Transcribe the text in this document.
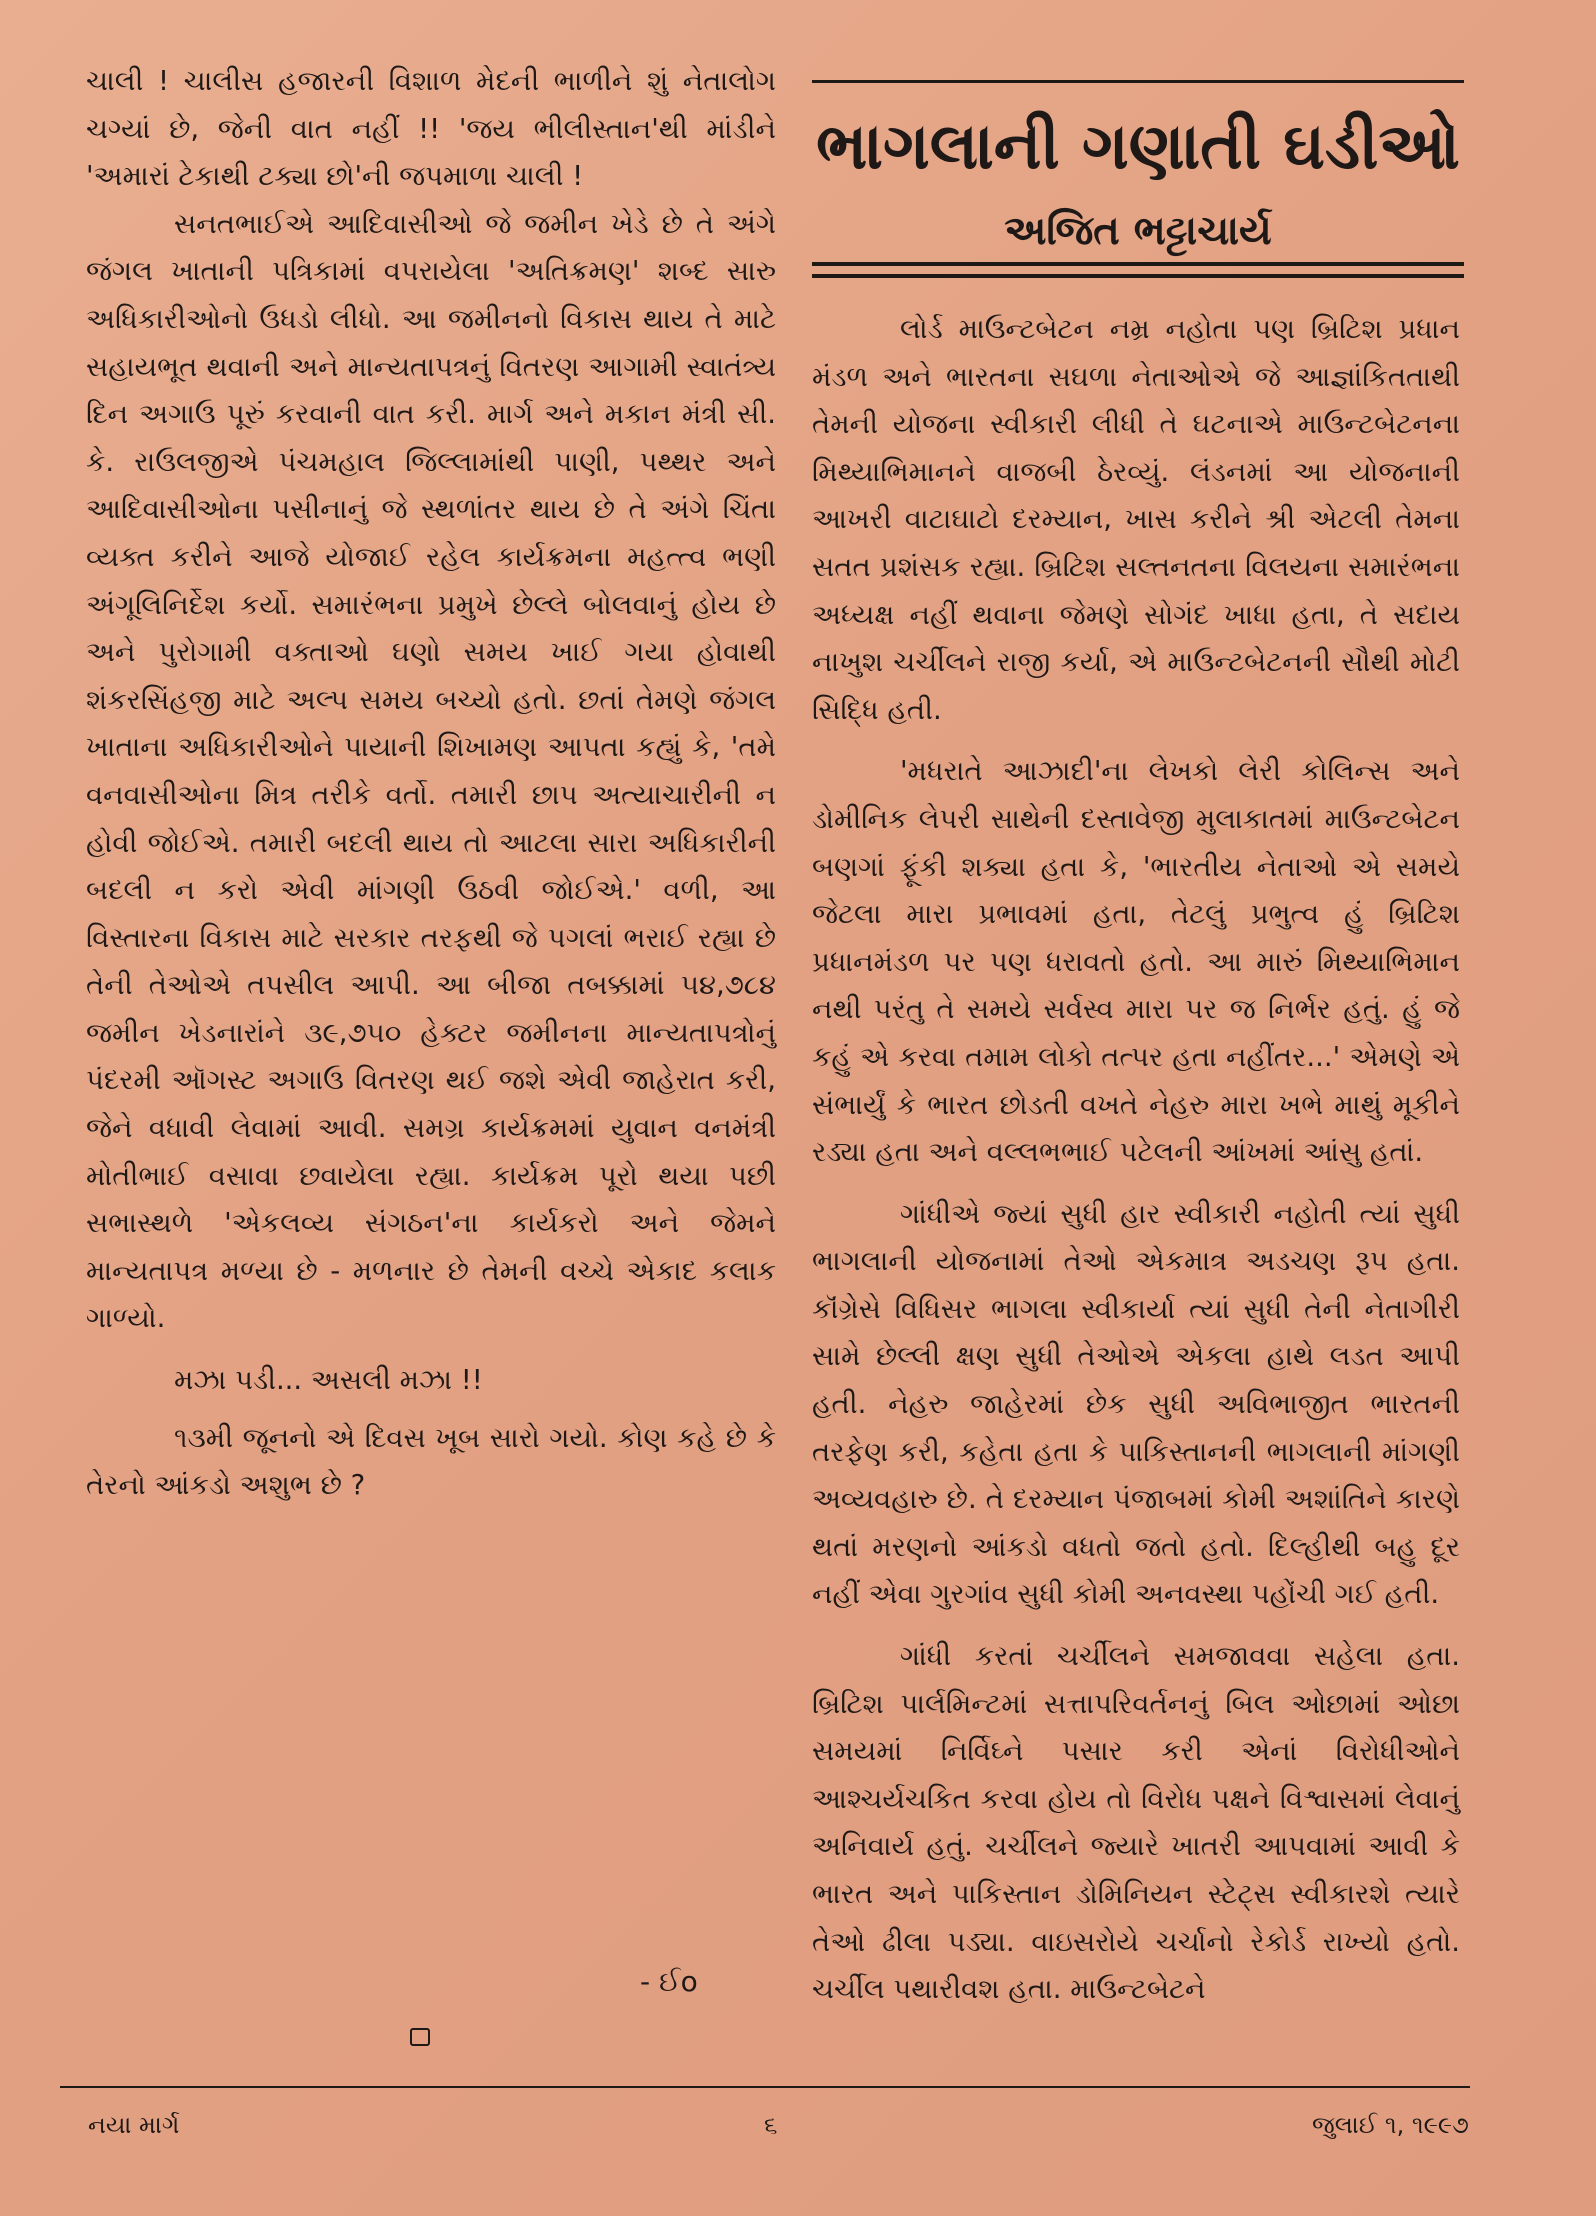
ચાલી ! ચાલીસ હજારની વિશાળ મેદની ભાળીને શું નેતાલોગ ચગ્યાં છે, જેની વાત નહીં !! 'જય ભીલીસ્તાન'થી માંડીને 'અમારાં ટેકાથી ટક્યા છો'ની જપમાળા ચાલી !

સનતભાઈએ આદિવાસીઓ જે જમીન ખેડે છે તે અંગે જંગલ ખાતાની પત્રિકામાં વપરાયેલા 'અતિક્રમણ' શબ્દ સારુ અધિકારીઓનો ઉધડો લીધો. આ જમીનનો વિકાસ થાય તે માટે સહાયભૂત થવાની અને માન્યતાપત્રનું વિતરણ આગામી સ્વાતંત્ર્ય દિન અગાઉ પૂરું કરવાની વાત કરી. માર્ગ અને મકાન મંત્રી સી. કે. રાઉલજીએ પંચમહાલ જિલ્લામાંથી પાણી, પથ્થર અને આદિવાસીઓના પસીનાનું જે સ્થળાંતર થાય છે તે અંગે ચિંતા વ્યક્ત કરીને આજે યોજાઈ રહેલ કાર્યક્રમના મહત્ત્વ ભણી અંગૂલિનિર્દેશ કર્યો. સમારંભના પ્રમુખે છેલ્લે બોલવાનું હોય છે અને પુરોગામી વક્તાઓ ઘણો સમય ખાઈ ગયા હોવાથી શંકરસિંહજી માટે અલ્પ સમય બચ્યો હતો. છતાં તેમણે જંગલ ખાતાના અધિકારીઓને પાયાની શિખામણ આપતા કહ્યું કે, 'તમે વનવાસીઓના મિત્ર તરીકે વર્તો. તમારી છાપ અત્યાચારીની ન હોવી જોઈએ. તમારી બદલી થાય તો આટલા સારા અધિકારીની બદલી ન કરો એવી માંગણી ઉઠવી જોઈએ.' વળી, આ વિસ્તારના વિકાસ માટે સરકાર તરફથી જે પગલાં ભરાઈ રહ્યા છે તેની તેઓએ તપસીલ આપી. આ બીજા તબક્કામાં ૫૪,૭૮૪ જમીન ખેડનારાંને ૩૯,૭૫૦ હેક્ટર જમીનના માન્યતાપત્રોનું પંદરમી ઑગસ્ટ અગાઉ વિતરણ થઈ જશે એવી જાહેરાત કરી, જેને વધાવી લેવામાં આવી. સમગ્ર કાર્યક્રમમાં યુવાન વનમંત્રી મોતીભાઈ વસાવા છવાયેલા રહ્યા. કાર્યક્રમ પૂરો થયા પછી સભાસ્થળે 'એકલવ્ય સંગઠન'ના કાર્યકરો અને જેમને માન્યતાપત્ર મળ્યા છે - મળનાર છે તેમની વચ્ચે એકાદ કલાક ગાળ્યો.

મઝા પડી... અસલી મઝા !!

૧૩મી જૂનનો એ દિવસ ખૂબ સારો ગયો. કોણ કહે છે કે તેરનો આંકડો અશુભ છે ?

- ઈo
ભાગલાની ગણાતી ઘડીઓ
અજિત ભટ્ટાચાર્ય

લોર્ડ માઉન્ટબેટન નમ્ર નહોતા પણ બ્રિટિશ પ્રધાન મંડળ અને ભારતના સઘળા નેતાઓએ જે આજ્ઞાંકિતતાથી તેમની યોજના સ્વીકારી લીધી તે ઘટનાએ માઉન્ટબેટનના મિથ્યાભિમાનને વાજબી ઠેરવ્યું. લંડનમાં આ યોજનાની આખરી વાટાઘાટો દરમ્યાન, ખાસ કરીને શ્રી એટલી તેમના સતત પ્રશંસક રહ્યા. બ્રિટિશ સલ્તનતના વિલયના સમારંભના અધ્યક્ષ નહીં થવાના જેમણે સોગંદ ખાધા હતા, તે સદાય નાખુશ ચર્ચીલને રાજી કર્યા, એ માઉન્ટબેટનની સૌથી મોટી સિદ્ધિ હતી.

'મધરાતે આઝાદી'ના લેખકો લેરી કોલિન્સ અને ડોમીનિક લેપરી સાથેની દસ્તાવેજી મુલાકાતમાં માઉન્ટબેટન બણગાં ફૂંકી શક્યા હતા કે, 'ભારતીય નેતાઓ એ સમયે જેટલા મારા પ્રભાવમાં હતા, તેટલું પ્રભુત્વ હું બ્રિટિશ પ્રધાનમંડળ પર પણ ધરાવતો હતો. આ મારું મિથ્યાભિમાન નથી પરંતુ તે સમયે સર્વસ્વ મારા પર જ નિર્ભર હતું. હું જે કહું એ કરવા તમામ લોકો તત્પર હતા નહીંતર...' એમણે એ સંભાર્યું કે ભારત છોડતી વખતે નેહરુ મારા ખભે માથું મૂકીને રડ્યા હતા અને વલ્લભભાઈ પટેલની આંખમાં આંસુ હતાં.

ગાંધીએ જ્યાં સુધી હાર સ્વીકારી નહોતી ત્યાં સુધી ભાગલાની યોજનામાં તેઓ એકમાત્ર અડચણ રૂપ હતા. કૉંગ્રેસે વિધિસર ભાગલા સ્વીકાર્યા ત્યાં સુધી તેની નેતાગીરી સામે છેલ્લી ક્ષણ સુધી તેઓએ એકલા હાથે લડત આપી હતી. નેહરુ જાહેરમાં છેક સુધી અવિભાજીત ભારતની તરફેણ કરી, કહેતા હતા કે પાકિસ્તાનની ભાગલાની માંગણી અવ્યવહારુ છે. તે દરમ્યાન પંજાબમાં કોમી અશાંતિને કારણે થતાં મરણનો આંકડો વધતો જતો હતો. દિલ્હીથી બહુ દૂર નહીં એવા ગુરગાંવ સુધી કોમી અનવસ્થા પહોંચી ગઈ હતી.

ગાંધી કરતાં ચર્ચીલને સમજાવવા સહેલા હતા. બ્રિટિશ પાર્લમિન્ટમાં સત્તાપરિવર્તનનું બિલ ઓછામાં ઓછા સમયમાં નિર્વિઘ્ને પસાર કરી એનાં વિરોધીઓને આશ્ચર્યચકિત કરવા હોય તો વિરોધ પક્ષને વિશ્વાસમાં લેવાનું અનિવાર્ય હતું. ચર્ચીલને જ્યારે ખાતરી આપવામાં આવી કે ભારત અને પાકિસ્તાન ડોમિનિયન સ્ટેટ્સ સ્વીકારશે ત્યારે તેઓ ઢીલા પડ્યા. વાઇસરોયે ચર્ચાનો રેકોર્ડ રાખ્યો હતો. ચર્ચીલ પથારીવશ હતા. માઉન્ટબેટને

નયા માર્ગ	૬	જુલાઈ ૧, ૧૯૯૭
